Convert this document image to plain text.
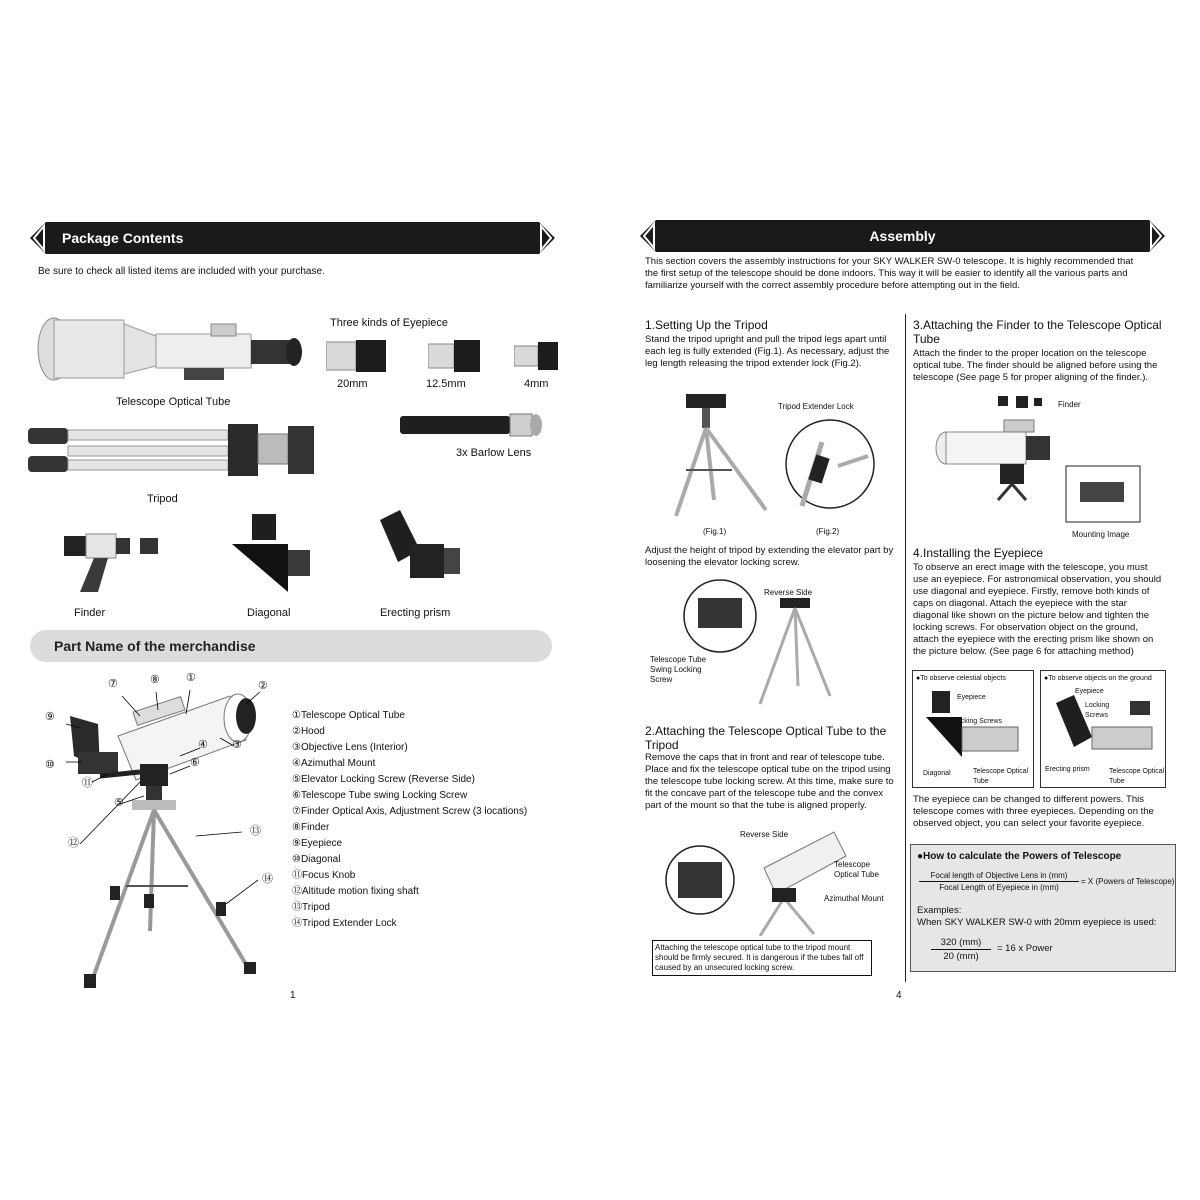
Package Contents
Be sure to check all listed items are included with your purchase.
Telescope Optical Tube
Three kinds of Eyepiece
20mm	12.5mm	4mm
3x Barlow Lens
Tripod
Finder	Diagonal	Erecting prism
Part Name of the merchandise
⑦	⑧ ①
②
③
④
⑥
⑨
⑩
⑪
⑤
⑫
⑬
⑭
①Telescope Optical Tube
②Hood
③Objective Lens (Interior)
④Azimuthal Mount
⑤Elevator Locking Screw (Reverse Side)
⑥Telescope Tube swing Locking Screw
⑦Finder Optical Axis, Adjustment Screw (3 locations)
⑧Finder
⑨Eyepiece
⑩Diagonal
⑪Focus Knob
⑫Altitude motion fixing shaft
⑬Tripod
⑭Tripod Extender Lock
1
Assembly
This section covers the assembly instructions for your SKY WALKER SW-0 telescope. It is highly recommended that the first setup of the telescope should be done indoors. This way it will be easier to identify all the various parts and familiarize yourself with the correct assembly procedure before attempting out in the field.
1.Setting Up the Tripod
Stand the tripod upright and pull the tripod legs apart until each leg is fully extended (Fig.1). As necessary, adjust the leg length releasing the tripod extender lock (Fig.2).
Tripod Extender Lock
(Fig.1)	(Fig.2)
Adjust the height of tripod by extending the elevator part by loosening the elevator locking screw.
Reverse Side
Telescope Tube Swing Locking Screw
2.Attaching the Telescope Optical Tube to the Tripod
Remove the caps that in front and rear of telescope tube. Place and fix the telescope optical tube on the tripod using the telescope tube locking screw. At this time, make sure to fit the concave part of the telescope tube and the convex part of the mount so that the tube is aligned properly.
Reverse Side
Telescope Optical Tube
Azimuthal Mount
Attaching the telescope optical tube to the tripod mount should be firmly secured. It is dangerous if the tubes fall off caused by an unsecured locking screw.
3.Attaching the Finder to the Telescope Optical Tube
Attach the finder to the proper location on the telescope optical tube. The finder should be aligned before using the telescope (See page 5 for proper aligning of the finder.).
Finder
Mounting Image
4.Installing the Eyepiece
To observe an erect image with the telescope, you must use an eyepiece. For astronomical observation, you should use diagonal and eyepiece. Firstly, remove both kinds of caps on diagonal. Attach the eyepiece with the star diagonal like shown on the picture below and tighten the locking screws. For observation object on the ground, attach the eyepiece with the erecting prism like shown on the picture below. (See page 6 for attaching method)
●To observe celestial objects
Eyepiece
Locking Screws
Diagonal	Telescope Optical Tube
●To observe objects on the ground
Eyepiece
Locking Screws
Erecting prism	Telescope Optical Tube
The eyepiece can be changed to different powers. This telescope comes with three eyepieces. Depending on the observed object, you can select your favorite eyepiece.
●How to calculate the Powers of Telescope
Focal length of Objective Lens in (mm)
Focal Length of Eyepiece in (mm)
= X (Powers of Telescope)
Examples:
When SKY WALKER SW-0 with 20mm eyepiece is used:
320 (mm)
20 (mm)
= 16 x Power
4
